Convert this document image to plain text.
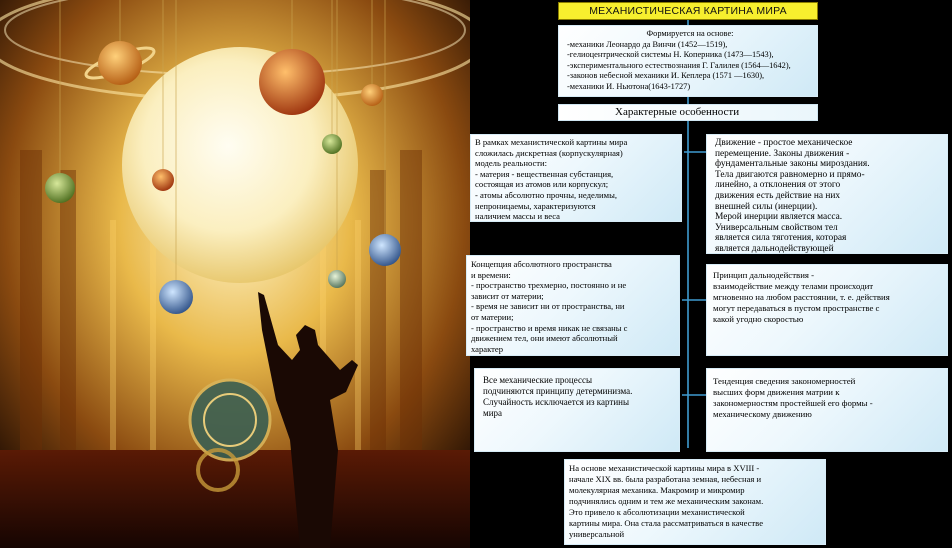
МЕХАНИСТИЧЕСКАЯ КАРТИНА МИРА

Формируется на основе:

-механики Леонардо да Винчи (1452—1519),

-гелиоцентрической системы Н. Коперника (1473—1543),

-экспериментального естествознания Г. Галилея (1564—1642),

-законов небесной механики И. Кеплера (1571 —1630),

-механики И. Ньютона(1643-1727)

Характерные особенности
В рамках механистической картины мира
сложилась дискретная (корпускулярная)
модель реальности:
- материя - вещественная субстанция,
состоящая из атомов или корпускул;
- атомы абсолютно прочны, неделимы,
непроницаемы, характеризуются
наличием массы и веса
Движение - простое механическое
перемещение. Законы движения -
фундаментальные законы мироздания.
Тела двигаются равномерно и прямо-
линейно, а отклонения от этого
движения есть действие на них
внешней силы (инерции).
Мерой инерции является масса.
Универсальным свойством тел
является сила тяготения, которая
является дальнодействующей
Концепция абсолютного пространства
и времени:
- пространство трехмерно, постоянно и не
зависит от материи;
- время не зависит ни от пространства, ни
от материи;
- пространство и время никак не связаны с
движением тел, они имеют абсолютный
характер
Принцип дальнодействия -
взаимодействие между телами происходит
мгновенно на любом расстоянии, т. е. действия
могут передаваться в пустом пространстве с
какой угодно скоростью
Все механические процессы
подчиняются принципу детерминизма.
Случайность исключается из картины
мира
Тенденция сведения закономерностей
высших форм движения матрии к
закономерностям простейшей его формы -
механическому движению
На основе механистической картины мира в XVIII -
начале XIX вв. была разработана земная, небесная и
молекулярная механика. Макромир и микромир
подчинялись одним и тем же механическим законам.
Это привело к абсолютизации механистической
картины мира. Она стала рассматриваться в качестве
универсальной
